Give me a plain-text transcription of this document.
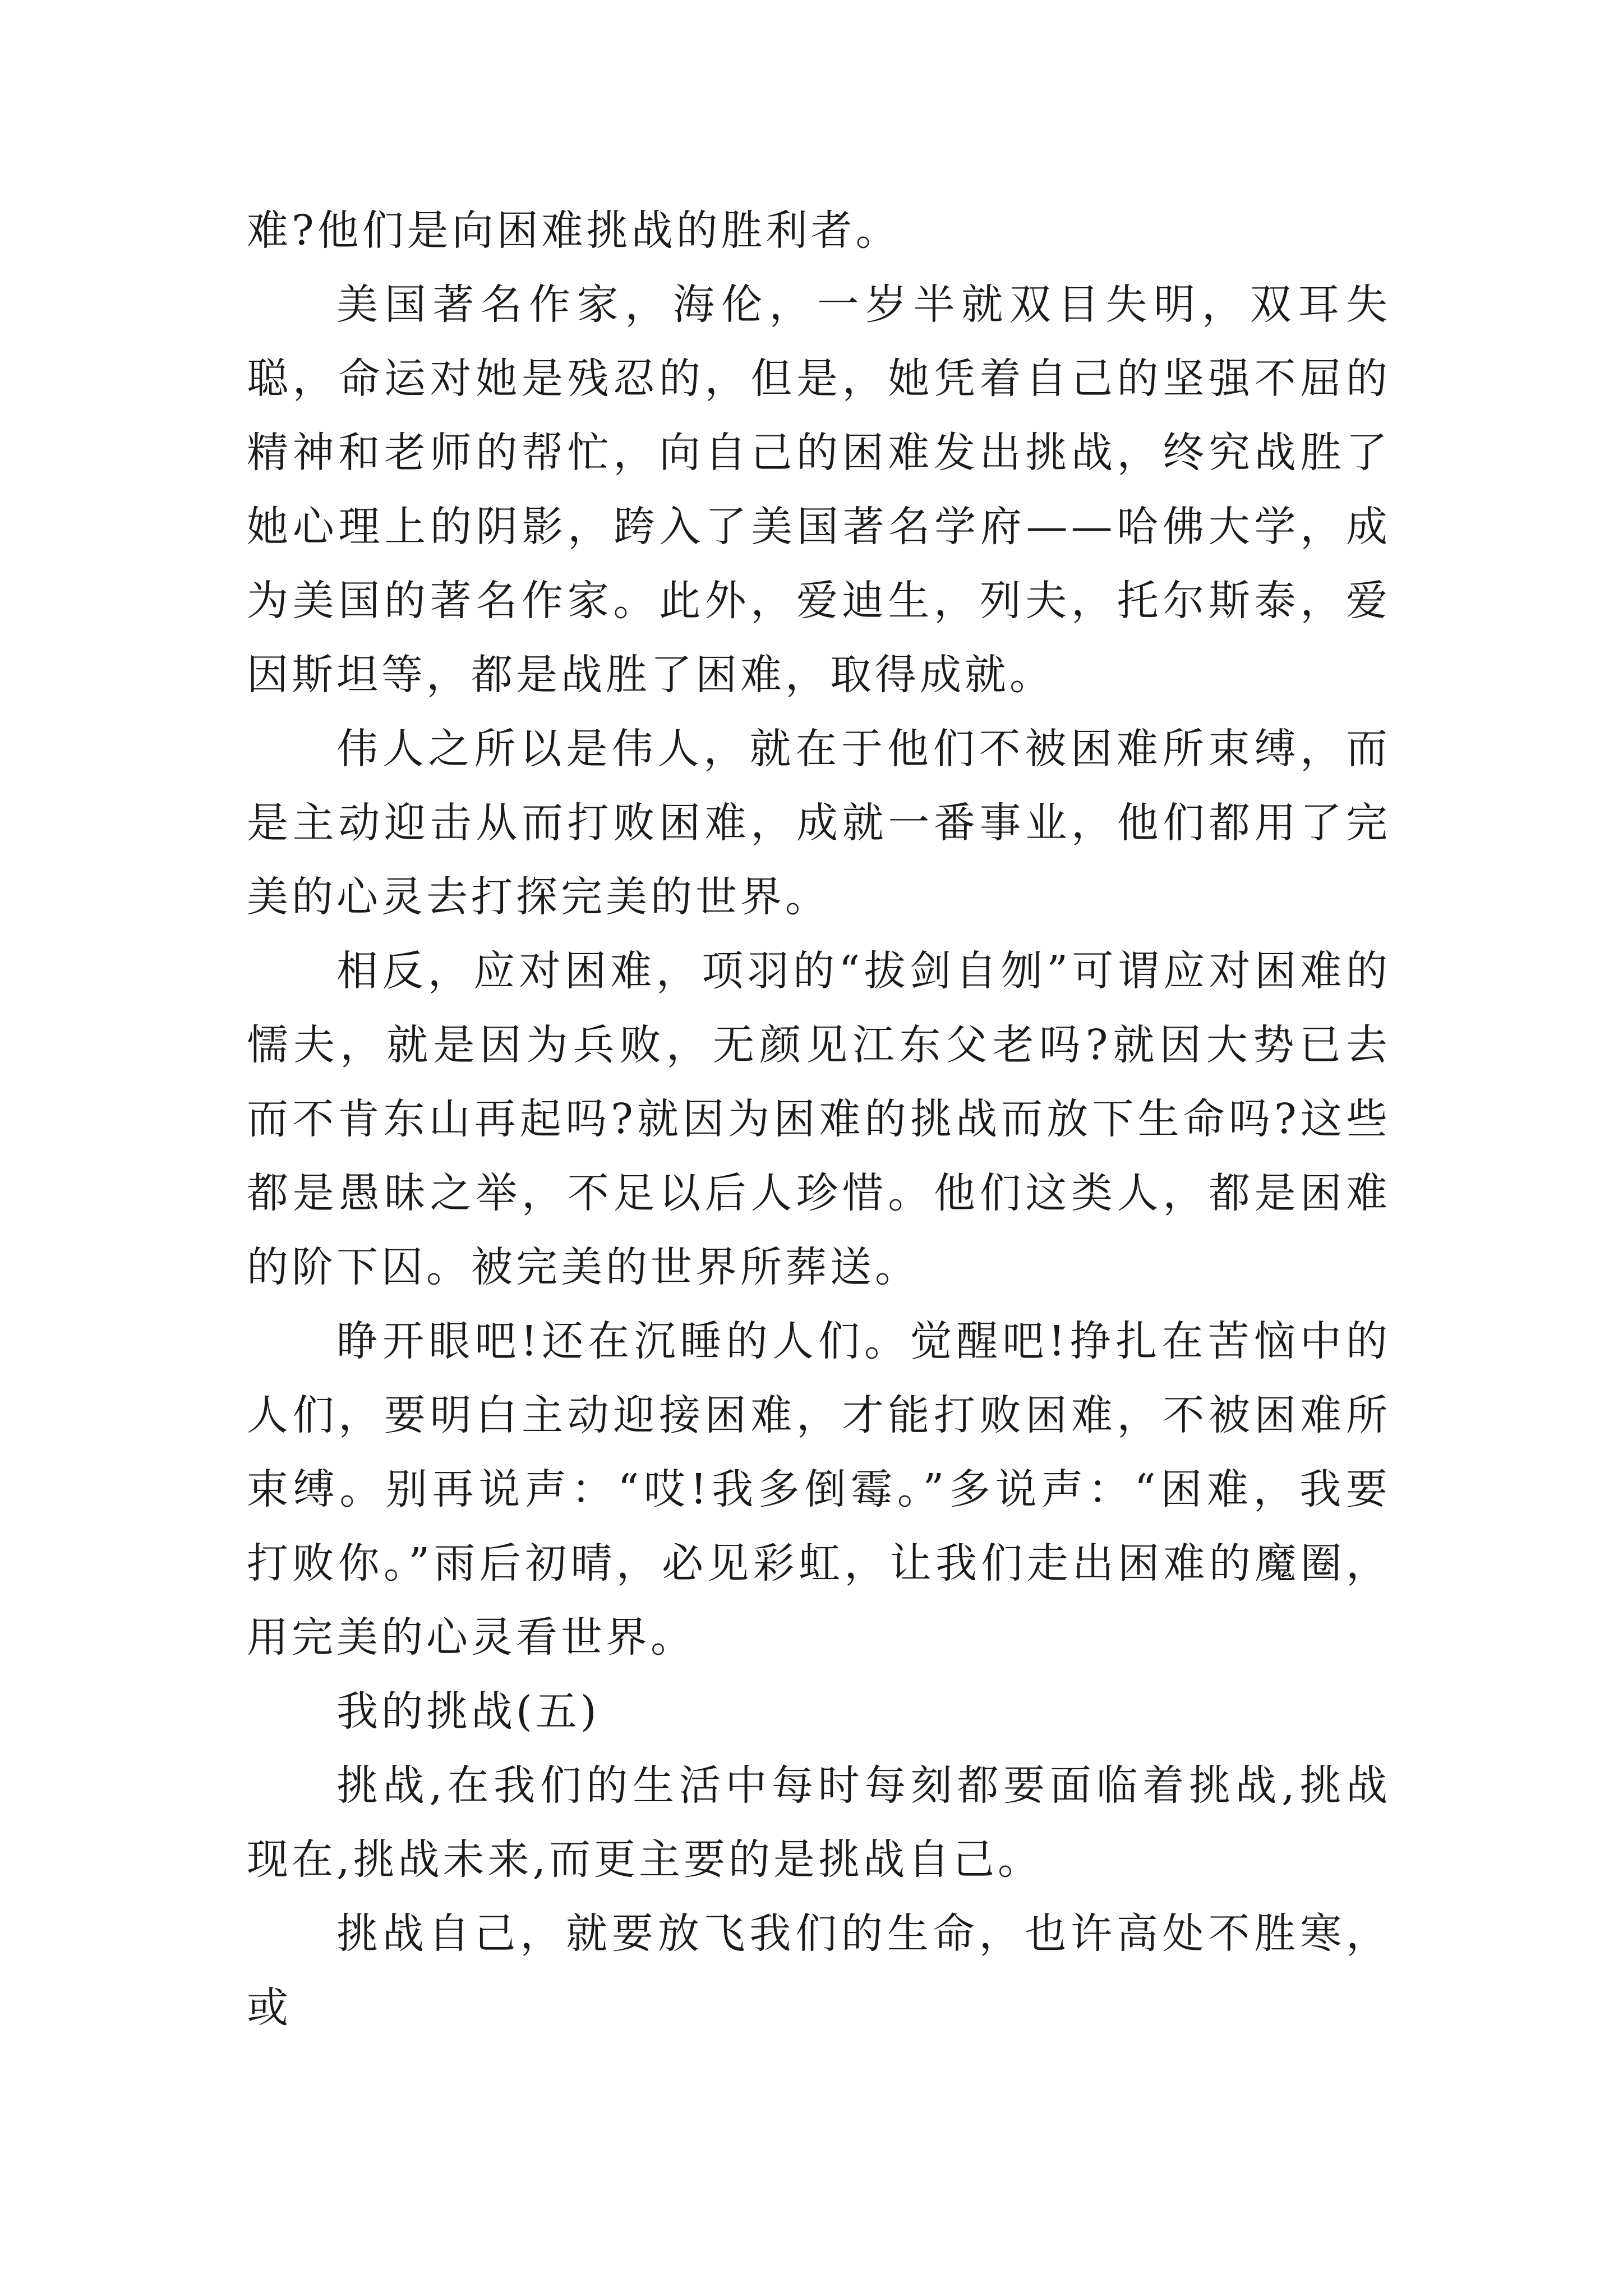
难?他们是向困难挑战的胜利者。

美国著名作家，海伦，一岁半就双目失明，双耳失聪，命运对她是残忍的，但是，她凭着自己的坚强不屈的精神和老师的帮忙，向自己的困难发出挑战，终究战胜了她心理上的阴影，跨入了美国著名学府——哈佛大学，成为美国的著名作家。此外，爱迪生，列夫，托尔斯泰，爱因斯坦等，都是战胜了困难，取得成就。

伟人之所以是伟人，就在于他们不被困难所束缚，而是主动迎击从而打败困难，成就一番事业，他们都用了完美的心灵去打探完美的世界。

相反，应对困难，项羽的“拔剑自刎”可谓应对困难的懦夫，就是因为兵败，无颜见江东父老吗?就因大势已去而不肯东山再起吗?就因为困难的挑战而放下生命吗?这些都是愚昧之举，不足以后人珍惜。他们这类人，都是困难的阶下囚。被完美的世界所葬送。

睁开眼吧!还在沉睡的人们。觉醒吧!挣扎在苦恼中的人们，要明白主动迎接困难，才能打败困难，不被困难所束缚。别再说声：“哎!我多倒霉。”多说声：“困难，我要打败你。”雨后初晴，必见彩虹，让我们走出困难的魔圈，用完美的心灵看世界。

我的挑战(五)

挑战,在我们的生活中每时每刻都要面临着挑战,挑战现在,挑战未来,而更主要的是挑战自己。

挑战自己，就要放飞我们的生命，也许高处不胜寒，或
